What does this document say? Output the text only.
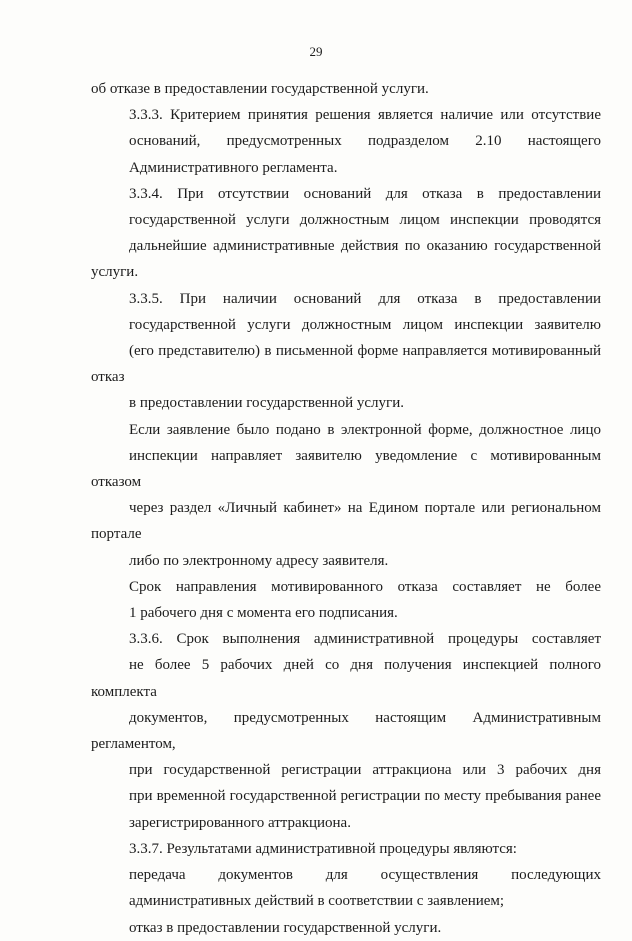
29

об отказе в предоставлении государственной услуги.

3.3.3. Критерием принятия решения является наличие или отсутствие
оснований, предусмотренных подразделом 2.10 настоящего
Административного регламента.

3.3.4. При отсутствии оснований для отказа в предоставлении
государственной услуги должностным лицом инспекции проводятся
дальнейшие административные действия по оказанию государственной услуги.

3.3.5. При наличии оснований для отказа в предоставлении
государственной услуги должностным лицом инспекции заявителю
(его представителю) в письменной форме направляется мотивированный отказ
в предоставлении государственной услуги.

Если заявление было подано в электронной форме, должностное лицо
инспекции направляет заявителю уведомление с мотивированным отказом
через раздел «Личный кабинет» на Едином портале или региональном портале
либо по электронному адресу заявителя.

Срок направления мотивированного отказа составляет не более
1 рабочего дня с момента его подписания.

3.3.6. Срок выполнения административной процедуры составляет
не более 5 рабочих дней со дня получения инспекцией полного комплекта
документов, предусмотренных настоящим Административным регламентом,
при государственной регистрации аттракциона или 3 рабочих дня
при временной государственной регистрации по месту пребывания ранее
зарегистрированного аттракциона.

3.3.7. Результатами административной процедуры являются:

передача документов для осуществления последующих
административных действий в соответствии с заявлением;

отказ в предоставлении государственной услуги.
